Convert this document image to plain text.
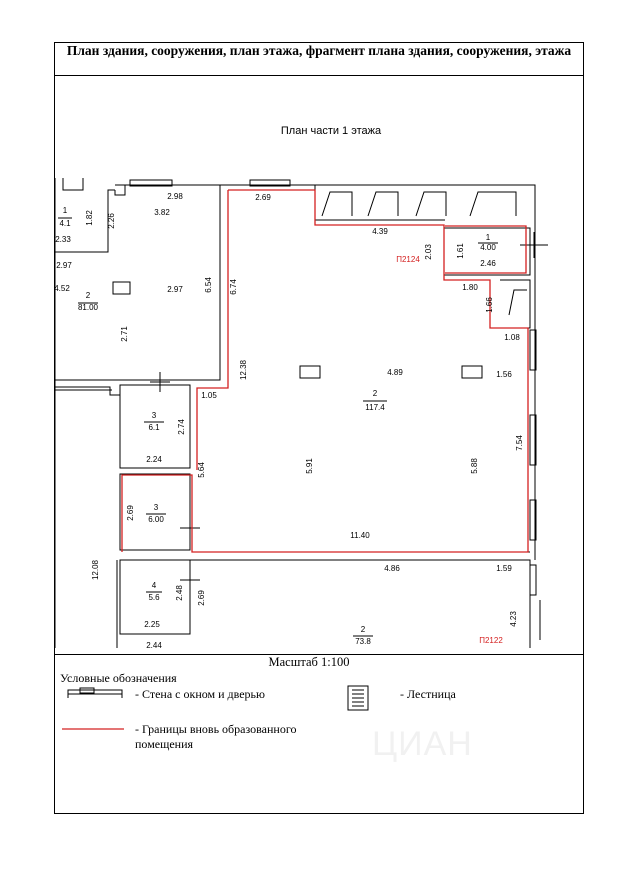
План здания, сооружения, план этажа, фрагмент плана здания, сооружения, этажа
План части 1 этажа
1
4.1
2
81.00
2
117.4
1
4.00
3
6.1
3
6.00
4
5.6
2
73.8
2.98
3.82
2.26
1.82
2.33
2.97
2.97
4.52	6.54
2.71
2.69
6.74
12.38
4.39
2.03	1.61
2.46
1.80
1.66
1.08
1.05
2.74
2.24
4.89	1.56
5.91	5.88
7.54
5.64
2.69
11.40
12.08	4.86	1.59
2.48 2.69
2.25
2.44
4.23
П2124
П2122
Масштаб 1:100
Условные обозначения
- Стена с окном и дверью	- Лестница
- Границы вновь образованного
помещения	ЦИАН
